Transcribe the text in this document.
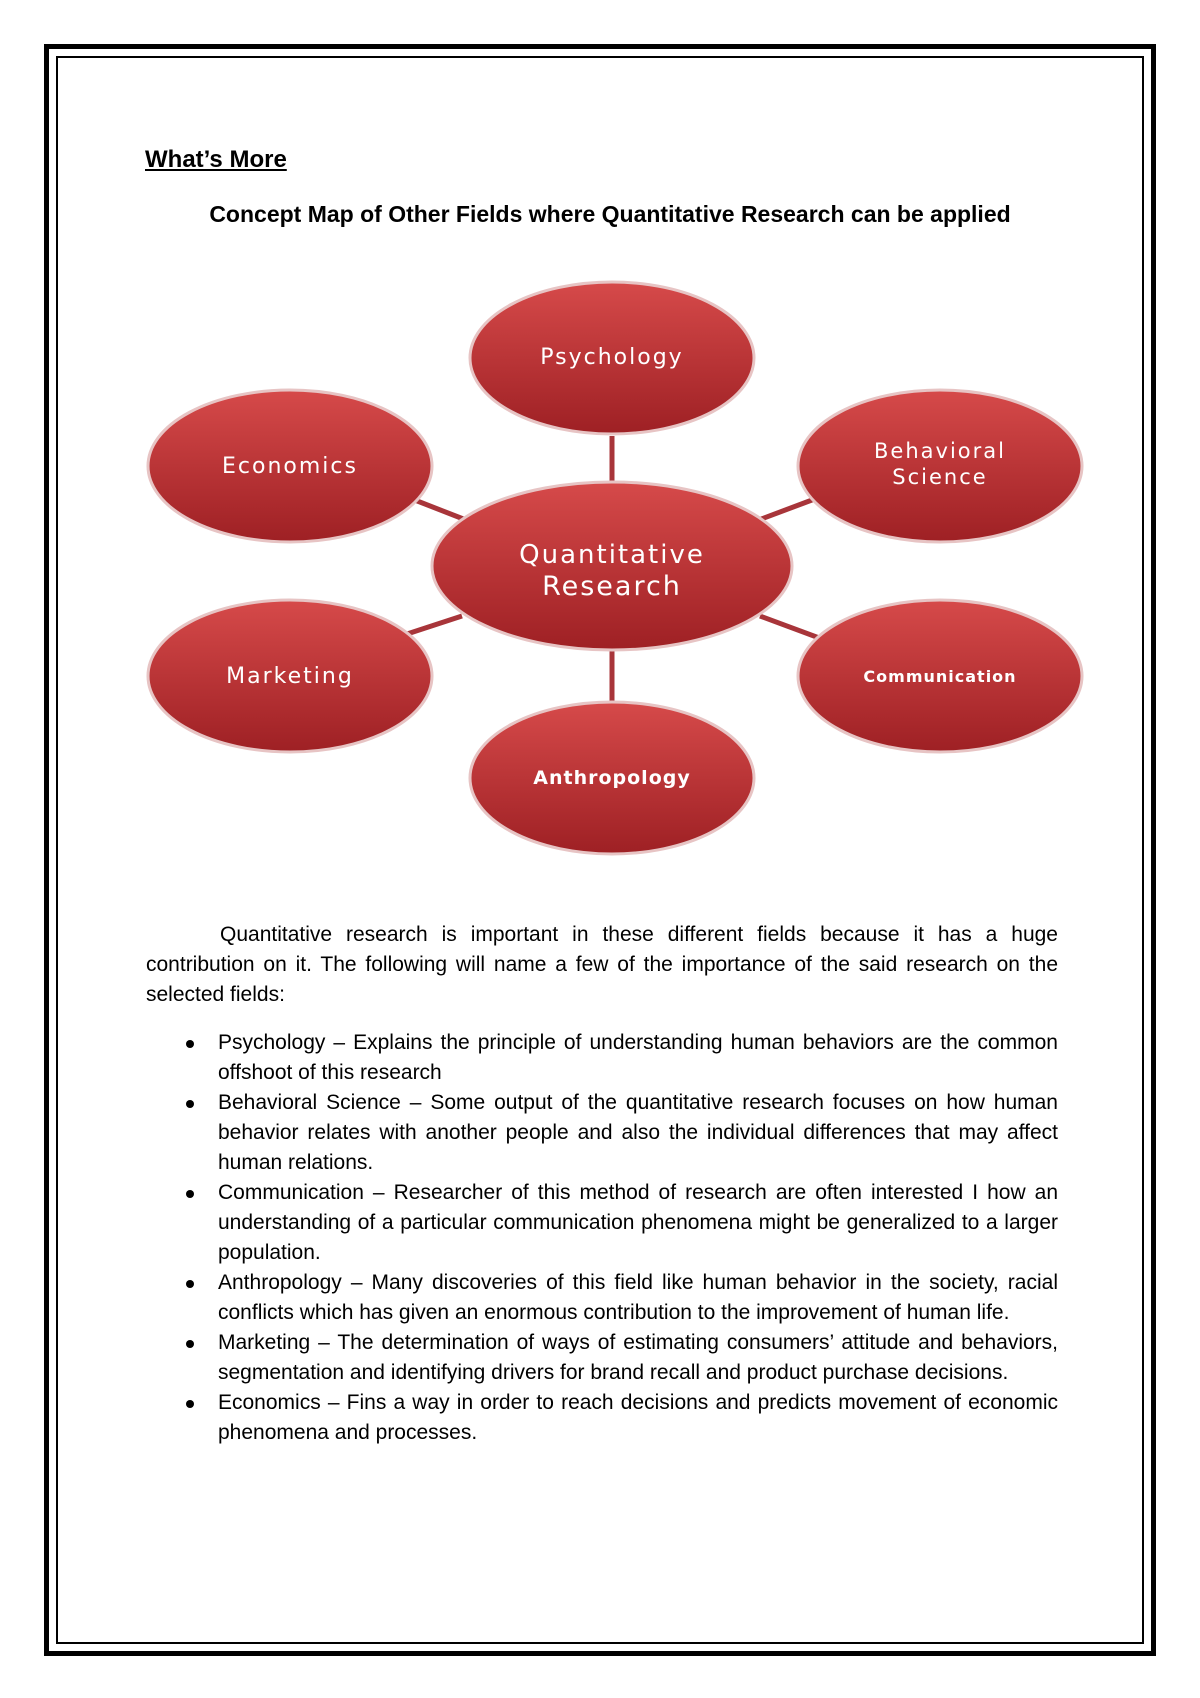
What’s More
Concept Map of Other Fields where Quantitative Research can be applied
Psychology
Behavioral
Science
Communication
Anthropology
Marketing
Economics
Quantitative
Research

Quantitative research is important in these different fields because it has a huge contribution on it. The following will name a few of the importance of the said research on the selected fields:

Psychology – Explains the principle of understanding human behaviors are the common offshoot of this research
Behavioral Science – Some output of the quantitative research focuses on how human behavior relates with another people and also the individual differences that may affect human relations.
Communication – Researcher of this method of research are often interested I how an understanding of a particular communication phenomena might be generalized to a larger population.
Anthropology – Many discoveries of this field like human behavior in the society, racial conflicts which has given an enormous contribution to the improvement of human life.
Marketing – The determination of ways of estimating consumers’ attitude and behaviors, segmentation and identifying drivers for brand recall and product purchase decisions.
Economics – Fins a way in order to reach decisions and predicts movement of economic phenomena and processes.
